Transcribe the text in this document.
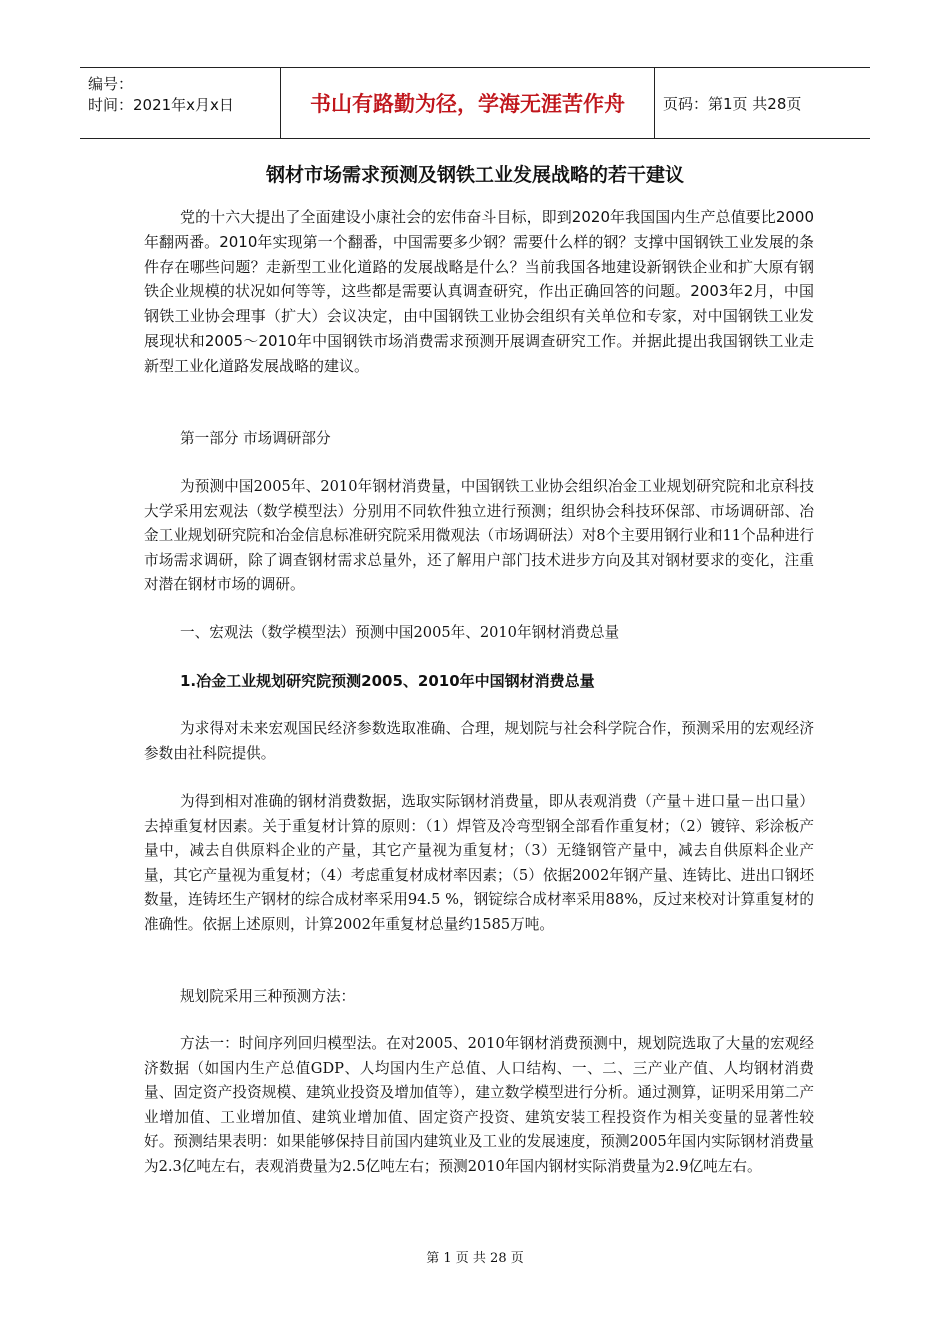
编号：
时间：2021年x月x日	书山有路勤为径，学海无涯苦作舟	页码：第1页 共28页
钢材市场需求预测及钢铁工业发展战略的若干建议

党的十六大提出了全面建设小康社会的宏伟奋斗目标，即到2020年我国国内生产总值要比2000年翻两番。2010年实现第一个翻番，中国需要多少钢？需要什么样的钢？支撑中国钢铁工业发展的条件存在哪些问题？走新型工业化道路的发展战略是什么？当前我国各地建设新钢铁企业和扩大原有钢铁企业规模的状况如何等等，这些都是需要认真调查研究，作出正确回答的问题。2003年2月，中国钢铁工业协会理事（扩大）会议决定，由中国钢铁工业协会组织有关单位和专家，对中国钢铁工业发展现状和2005～2010年中国钢铁市场消费需求预测开展调查研究工作。并据此提出我国钢铁工业走新型工业化道路发展战略的建议。

第一部分 市场调研部分

为预测中国2005年、2010年钢材消费量，中国钢铁工业协会组织冶金工业规划研究院和北京科技大学采用宏观法（数学模型法）分别用不同软件独立进行预测；组织协会科技环保部、市场调研部、冶金工业规划研究院和冶金信息标准研究院采用微观法（市场调研法）对8个主要用钢行业和11个品种进行市场需求调研，除了调查钢材需求总量外，还了解用户部门技术进步方向及其对钢材要求的变化，注重对潜在钢材市场的调研。

一、宏观法（数学模型法）预测中国2005年、2010年钢材消费总量

1.冶金工业规划研究院预测2005、2010年中国钢材消费总量

为求得对未来宏观国民经济参数选取准确、合理，规划院与社会科学院合作，预测采用的宏观经济参数由社科院提供。

为得到相对准确的钢材消费数据，选取实际钢材消费量，即从表观消费（产量＋进口量－出口量）去掉重复材因素。关于重复材计算的原则：（1）焊管及冷弯型钢全部看作重复材；（2）镀锌、彩涂板产量中，减去自供原料企业的产量，其它产量视为重复材；（3）无缝钢管产量中，减去自供原料企业产量，其它产量视为重复材；（4）考虑重复材成材率因素；（5）依据2002年钢产量、连铸比、进出口钢坯数量，连铸坯生产钢材的综合成材率采用94.5 %，钢锭综合成材率采用88%，反过来校对计算重复材的准确性。依据上述原则，计算2002年重复材总量约1585万吨。

规划院采用三种预测方法：

方法一：时间序列回归模型法。在对2005、2010年钢材消费预测中，规划院选取了大量的宏观经济数据（如国内生产总值GDP、人均国内生产总值、人口结构、一、二、三产业产值、人均钢材消费量、固定资产投资规模、建筑业投资及增加值等），建立数学模型进行分析。通过测算，证明采用第二产业增加值、工业增加值、建筑业增加值、固定资产投资、建筑安装工程投资作为相关变量的显著性较好。预测结果表明：如果能够保持目前国内建筑业及工业的发展速度，预测2005年国内实际钢材消费量为2.3亿吨左右，表观消费量为2.5亿吨左右；预测2010年国内钢材实际消费量为2.9亿吨左右。

第 1 页 共 28 页
